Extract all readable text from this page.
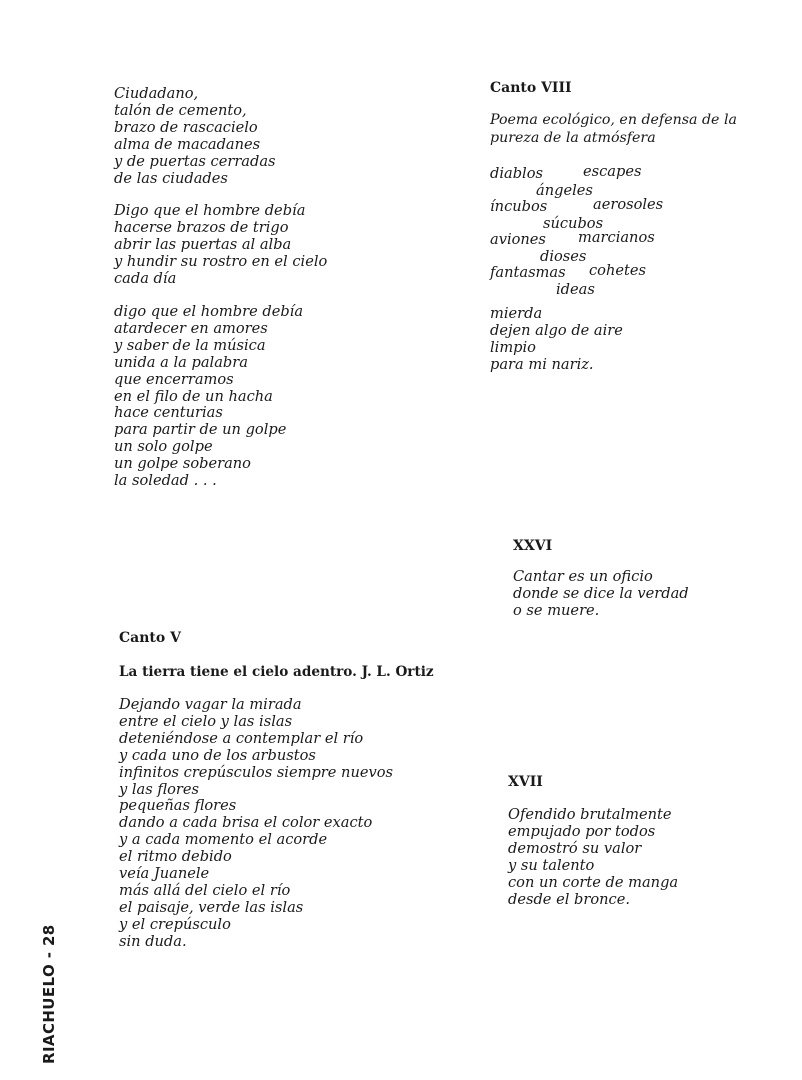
Ciudadano,
talón de cemento,
brazo de rascacielo
alma de macadanes
y de puertas cerradas
de las ciudades
Digo que el hombre debía
hacerse brazos de trigo
abrir las puertas al alba
y hundir su rostro en el cielo
cada día
digo que el hombre debía
atardecer en amores
y saber de la música
unida a la palabra
que encerramos
en el filo de un hacha
hace centurias
para partir de un golpe
un solo golpe
un golpe soberano
la soledad . . .
Canto VIII
Poema ecológico, en defensa de la
pureza de la atmósfera
diablos	escapes
ángeles
íncubos	aerosoles
súcubos
aviones marcianos
dioses
fantasmas cohetes
ideas
mierda
dejen algo de aire
limpio
para mi nariz.
XXVI
Cantar es un oficio
donde se dice la verdad
o se muere.
Canto V
La tierra tiene el cielo adentro. J. L. Ortiz
Dejando vagar la mirada
entre el cielo y las islas
deteniéndose a contemplar el río
y cada uno de los arbustos
infinitos crepúsculos siempre nuevos
y las flores
pequeñas flores
dando a cada brisa el color exacto
y a cada momento el acorde
el ritmo debido
veía Juanele
más allá del cielo el río
el paisaje, verde las islas
y el crepúsculo
sin duda.
XVII
Ofendido brutalmente
empujado por todos
demostró su valor
y su talento
con un corte de manga
desde el bronce.
RIACHUELO - 28
